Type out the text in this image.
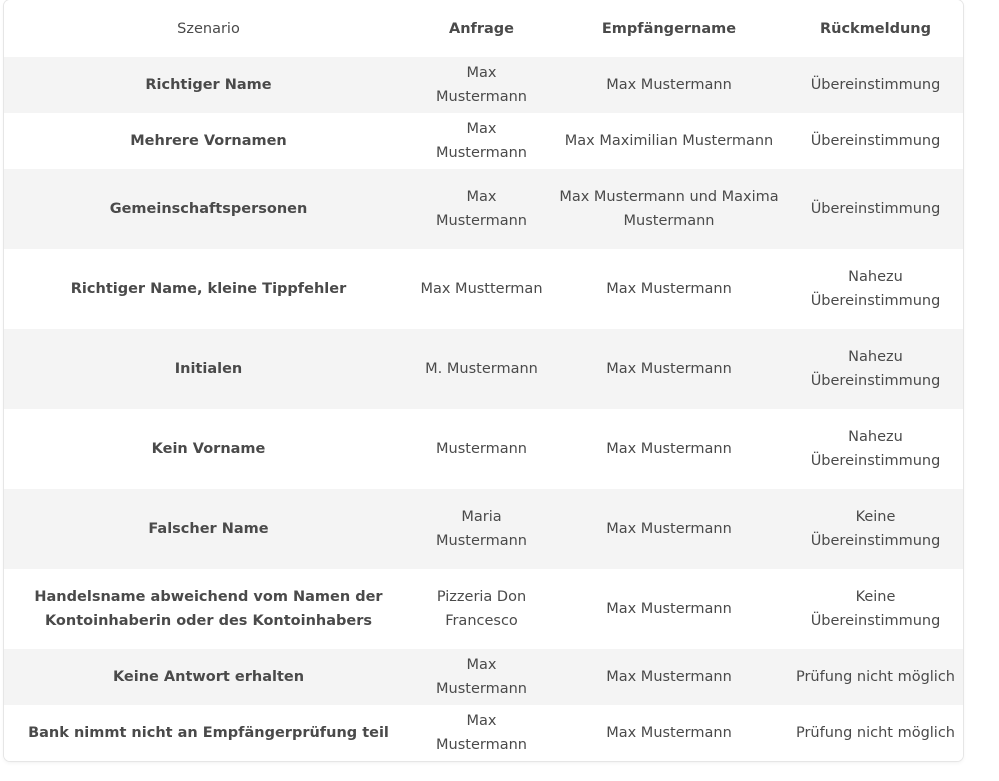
Szenario	Anfrage	Empfängername	Rückmeldung
Richtiger Name	Max Mustermann	Max Mustermann	Übereinstimmung
Mehrere Vornamen	Max Mustermann	Max Maximilian Mustermann	Übereinstimmung
Gemeinschaftspersonen	Max Mustermann	Max Mustermann und Maxima Mustermann	Übereinstimmung
Richtiger Name, kleine Tippfehler	Max Mustterman	Max Mustermann	Nahezu Übereinstimmung
Initialen	M. Mustermann	Max Mustermann	Nahezu Übereinstimmung
Kein Vorname	Mustermann	Max Mustermann	Nahezu Übereinstimmung
Falscher Name	Maria Mustermann	Max Mustermann	Keine Übereinstimmung
Handelsname abweichend vom Namen der Kontoinhaberin oder des Kontoinhabers	Pizzeria Don Francesco	Max Mustermann	Keine Übereinstimmung
Keine Antwort erhalten	Max Mustermann	Max Mustermann	Prüfung nicht möglich
Bank nimmt nicht an Empfängerprüfung teil	Max Mustermann	Max Mustermann	Prüfung nicht möglich
